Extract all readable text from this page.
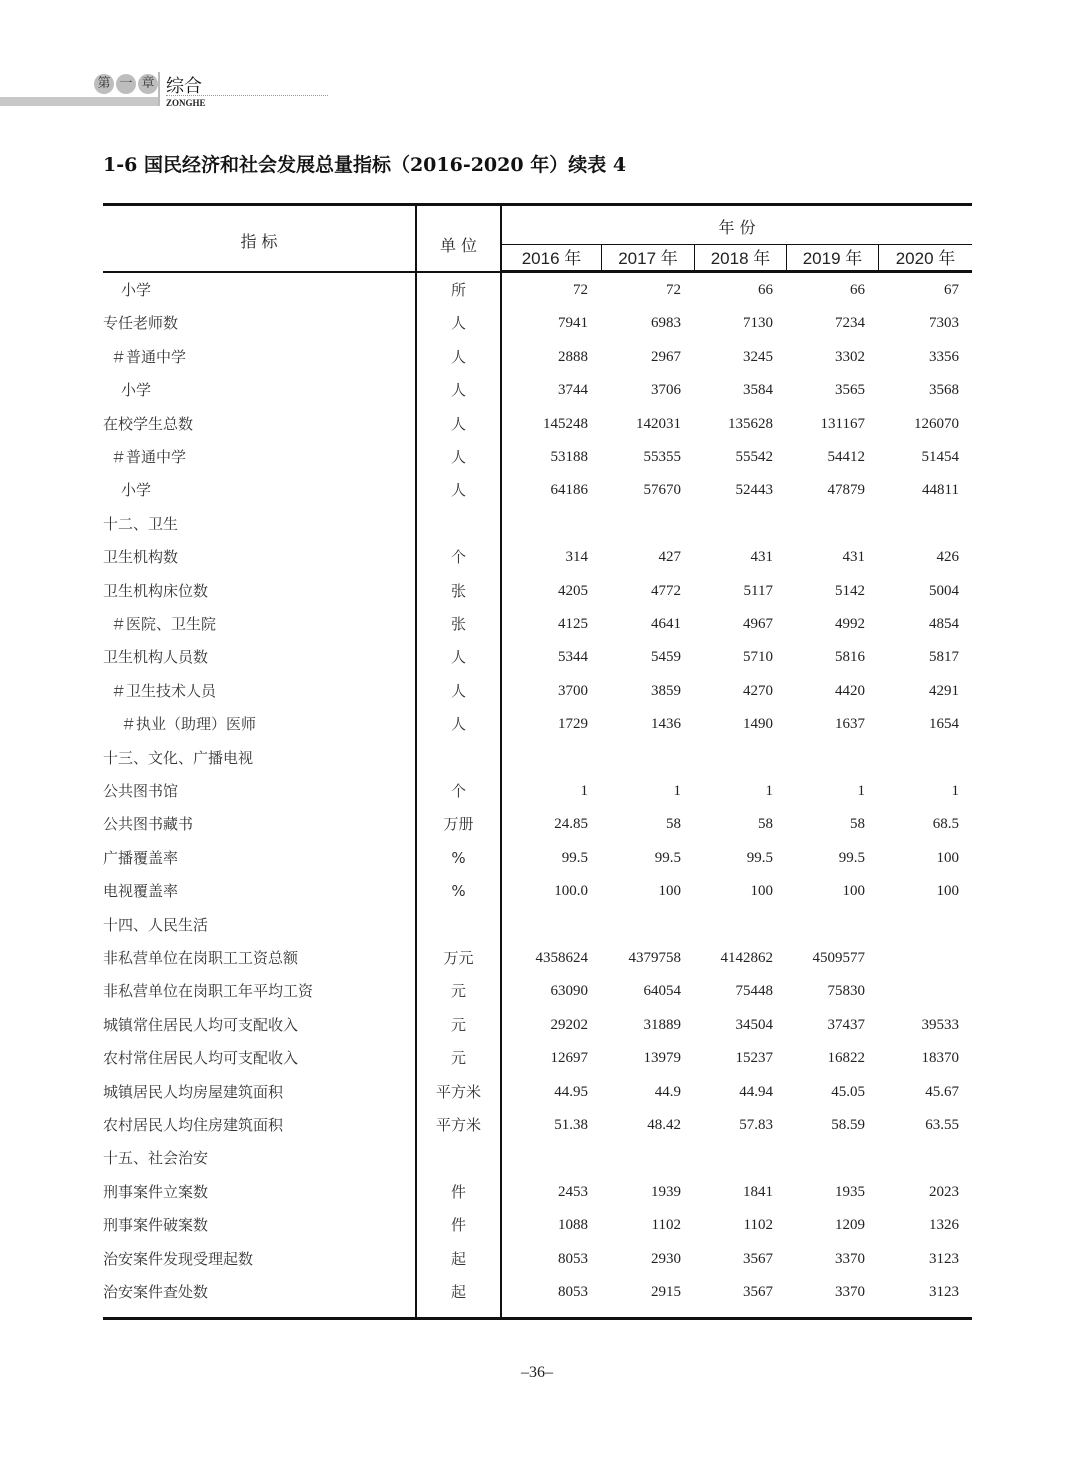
第 一 章 综合
ZONGHE
1-6 国民经济和社会发展总量指标（2016-2020 年）续表 4
指 标	单 位
年 份
2016 年	2017 年	2018 年	2019 年	2020 年
小学	所	72	72	66	66	67
专任老师数	人	7941	6983	7130	7234	7303
＃普通中学	人	2888	2967	3245	3302	3356
小学	人	3744	3706	3584	3565	3568
在校学生总数	人	145248	142031	135628	131167	126070
＃普通中学	人	53188	55355	55542	54412	51454
小学	人	64186	57670	52443	47879	44811
十二、卫生
卫生机构数	个	314	427	431	431	426
卫生机构床位数	张	4205	4772	5117	5142	5004
＃医院、卫生院	张	4125	4641	4967	4992	4854
卫生机构人员数	人	5344	5459	5710	5816	5817
＃卫生技术人员	人	3700	3859	4270	4420	4291
＃执业（助理）医师	人	1729	1436	1490	1637	1654
十三、文化、广播电视
公共图书馆	个	1	1	1	1	1
公共图书藏书	万册	24.85	58	58	58	68.5
广播覆盖率	%	99.5	99.5	99.5	99.5	100
电视覆盖率	%	100.0	100	100	100	100
十四、人民生活
非私营单位在岗职工工资总额	万元	4358624	4379758	4142862	4509577
非私营单位在岗职工年平均工资	元	63090	64054	75448	75830
城镇常住居民人均可支配收入	元	29202	31889	34504	37437	39533
农村常住居民人均可支配收入	元	12697	13979	15237	16822	18370
城镇居民人均房屋建筑面积	平方米	44.95	44.9	44.94	45.05	45.67
农村居民人均住房建筑面积	平方米	51.38	48.42	57.83	58.59	63.55
十五、社会治安
刑事案件立案数	件	2453	1939	1841	1935	2023
刑事案件破案数	件	1088	1102	1102	1209	1326
治安案件发现受理起数	起	8053	2930	3567	3370	3123
治安案件查处数	起	8053	2915	3567	3370	3123
–36–
